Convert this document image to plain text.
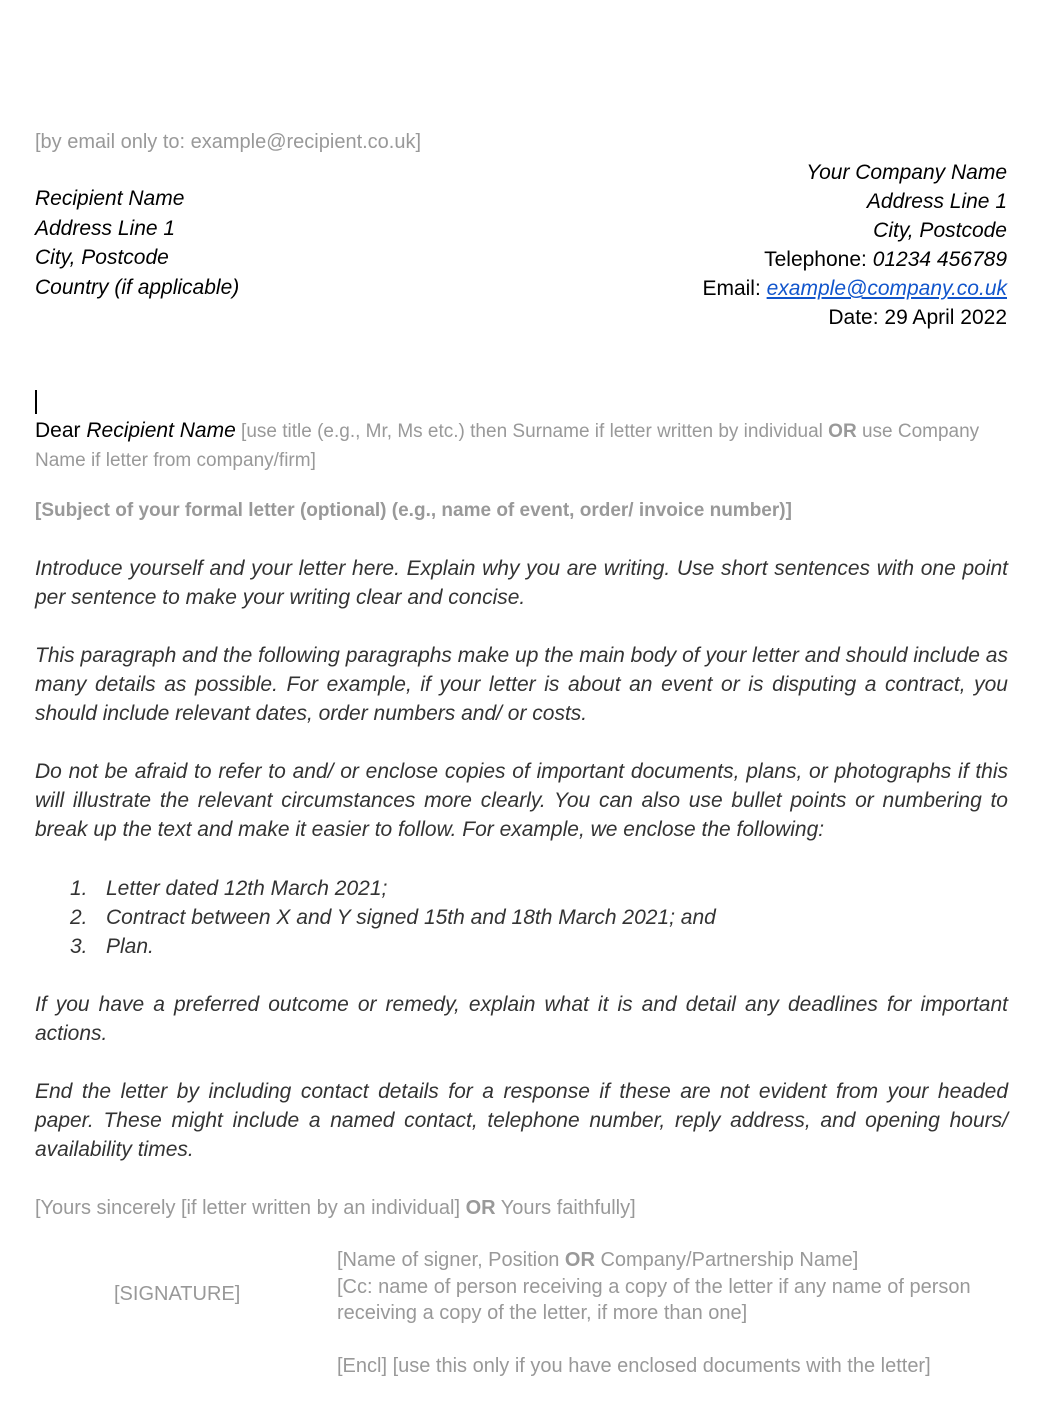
[by email only to: example@recipient.co.uk]
Recipient Name
Address Line 1
City, Postcode
Country (if applicable)
Your Company Name
Address Line 1
City, Postcode
Telephone: 01234 456789
Email: example@company.co.uk
Date: 29 April 2022
Dear Recipient Name [use title (e.g., Mr, Ms etc.) then Surname if letter written by individual OR use Company Name if letter from company/firm]
[Subject of your formal letter (optional) (e.g., name of event, order/ invoice number)]
Introduce yourself and your letter here. Explain why you are writing. Use short sentences with one point per sentence to make your writing clear and concise.
This paragraph and the following paragraphs make up the main body of your letter and should include as many details as possible. For example, if your letter is about an event or is disputing a contract, you should include relevant dates, order numbers and/ or costs.
Do not be afraid to refer to and/ or enclose copies of important documents, plans, or photographs if this will illustrate the relevant circumstances more clearly. You can also use bullet points or numbering to break up the text and make it easier to follow. For example, we enclose the following:
1. Letter dated 12th March 2021;
2. Contract between X and Y signed 15th and 18th March 2021; and
3. Plan.
If you have a preferred outcome or remedy, explain what it is and detail any deadlines for important actions.
End the letter by including contact details for a response if these are not evident from your headed paper. These might include a named contact, telephone number, reply address, and opening hours/ availability times.
[Yours sincerely [if letter written by an individual] OR Yours faithfully]
[SIGNATURE]
[Name of signer, Position OR Company/Partnership Name]
[Cc: name of person receiving a copy of the letter if any name of person receiving a copy of the letter, if more than one]
[Encl] [use this only if you have enclosed documents with the letter]
